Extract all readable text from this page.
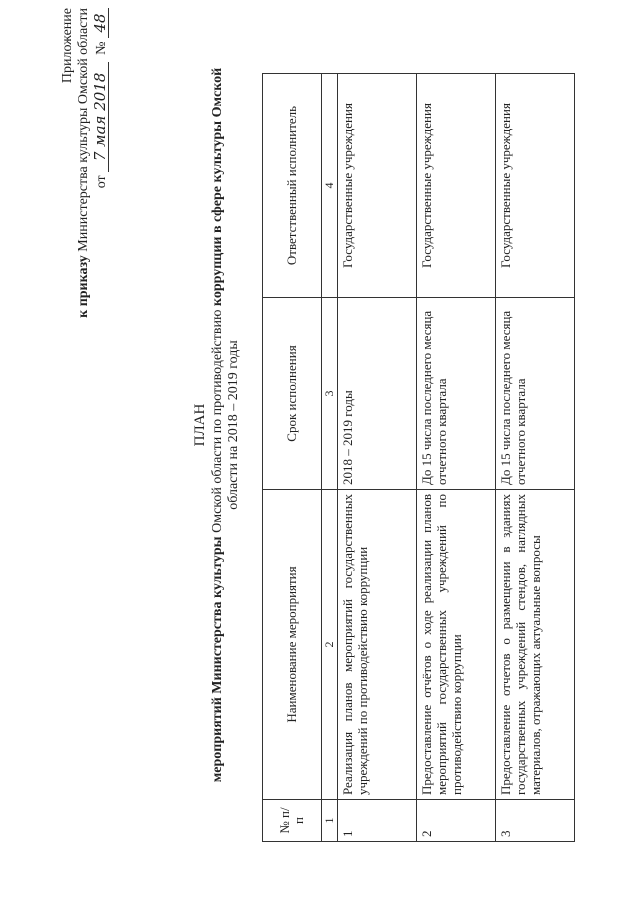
Приложение
к приказу Министерства культуры Омской области от 7 мая 2018  № 48
ПЛАН
мероприятий Министерства культуры Омской области по противодействию коррупции в сфере культуры Омской
области на 2018 – 2019 годы
№ п/п	Наименование мероприятия	Срок исполнения	Ответственный исполнитель
1	2	3	4
1	Реализация планов мероприятий государственных учреждений по противодействию коррупции	2018 – 2019 годы	Государственные учреждения
2	Предоставление отчётов о ходе реализации планов мероприятий государственных учреждений по противодействию коррупции	До 15 числа последнего месяца отчетного квартала	Государственные учреждения
3	Предоставление отчетов о размещении в зданиях государственных учреждений стендов, наглядных материалов, отражающих актуальные вопросы	До 15 числа последнего месяца отчетного квартала	Государственные учреждения
